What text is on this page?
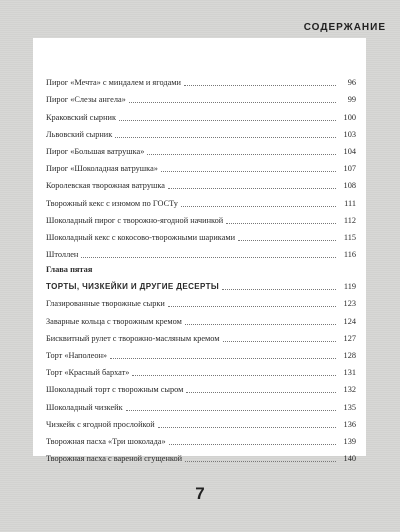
СОДЕРЖАНИЕ
Пирог «Мечта» с миндалем и ягодами	96
Пирог «Слезы ангела»	99
Краковский сырник	100
Львовский сырник	103
Пирог «Большая ватрушка»	104
Пирог «Шоколадная ватрушка»	107
Королевская творожная ватрушка	108
Творожный кекс с изюмом по ГОСТу	111
Шоколадный пирог с творожно-ягодной начинкой	112
Шоколадный кекс с кокосово-творожными шариками	115
Штоллен	116
Глава пятая
ТОРТЫ, ЧИЗКЕЙКИ И ДРУГИЕ ДЕСЕРТЫ	119
Глазированные творожные сырки	123
Заварные кольца с творожным кремом	124
Бисквитный рулет с творожно-масляным кремом	127
Торт «Наполеон»	128
Торт «Красный бархат»	131
Шоколадный торт с творожным сыром	132
Шоколадный чизкейк	135
Чизкейк с ягодной прослойкой	136
Творожная пасха «Три шоколада»	139
Творожная пасха с вареной сгущенкой	140
7
